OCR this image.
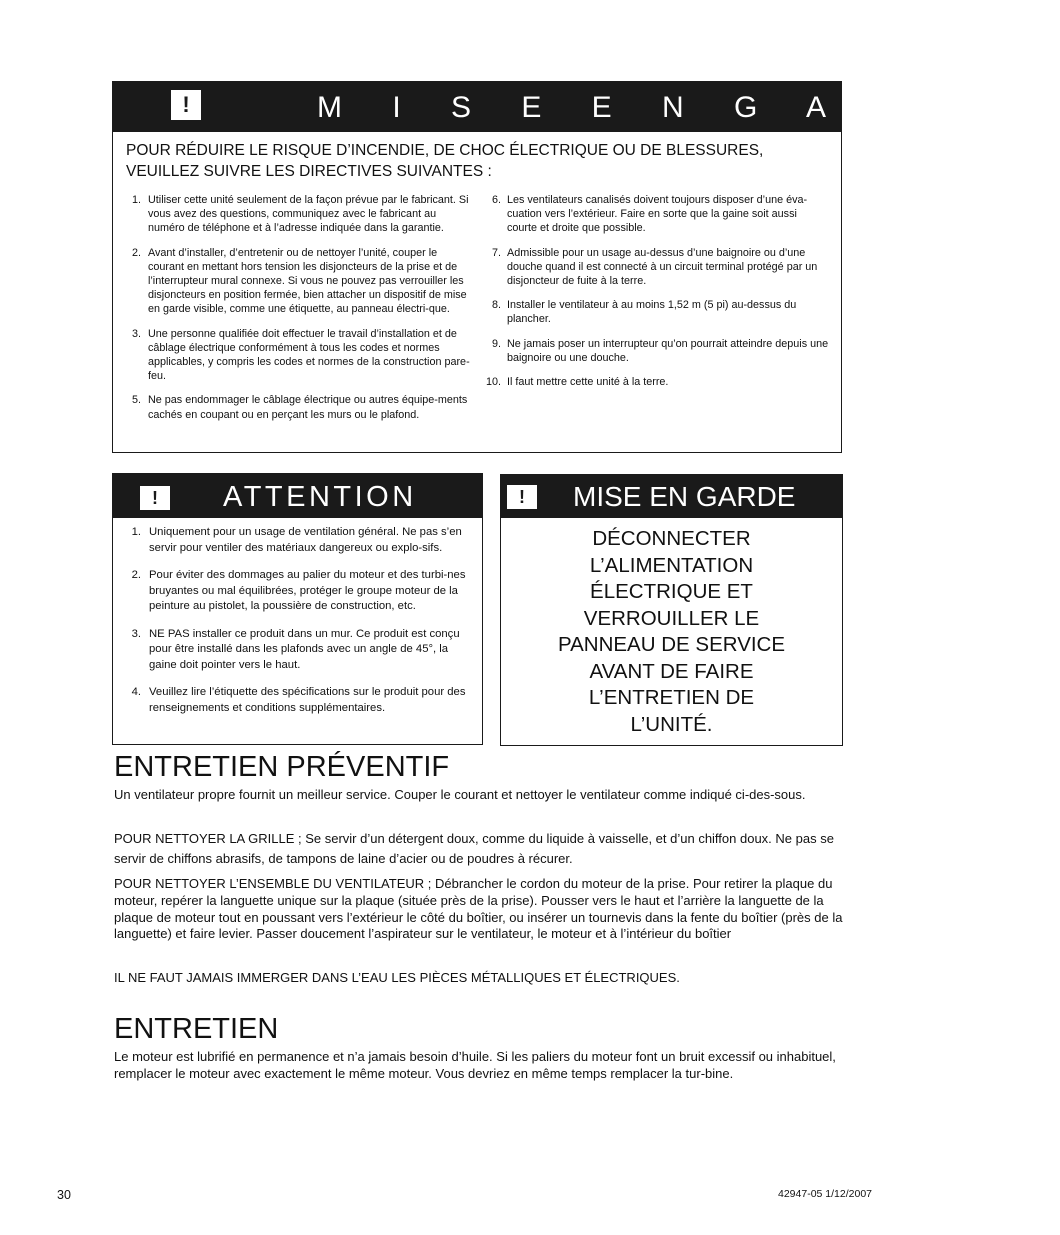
!	M I S E E N G A R D E
POUR RÉDUIRE LE RISQUE D’INCENDIE, DE CHOC ÉLECTRIQUE OU DE BLESSURES, VEUILLEZ SUIVRE LES DIRECTIVES SUIVANTES :
1. Utiliser cette unité seulement de la façon prévue par le fabricant. Si vous avez des questions, communiquez avec le fabricant au numéro de téléphone et à l’adresse indiquée dans la garantie.
2. Avant d’installer, d’entretenir ou de nettoyer l’unité, couper le courant en mettant hors tension les disjoncteurs de la prise et de l’interrupteur mural connexe. Si vous ne pouvez pas verrouiller les disjoncteurs en position fermée, bien attacher un dispositif de mise en garde visible, comme une étiquette, au panneau électri-que.
3. Une personne qualifiée doit effectuer le travail d’installation et de câblage électrique conformément à tous les codes et normes applicables, y compris les codes et normes de la construction pare-feu.
5. Ne pas endommager le câblage électrique ou autres équipe-ments cachés en coupant ou en perçant les murs ou le plafond.
6. Les ventilateurs canalisés doivent toujours disposer d’une éva-cuation vers l’extérieur. Faire en sorte que la gaine soit aussi courte et droite que possible.
7. Admissible pour un usage au-dessus d’une baignoire ou d’une douche quand il est connecté à un circuit terminal protégé par un disjoncteur de fuite à la terre.
8. Installer le ventilateur à au moins 1,52 m (5 pi) au-dessus du plancher.
9. Ne jamais poser un interrupteur qu’on pourrait atteindre depuis une baignoire ou une douche.
10. Il faut mettre cette unité à la terre.
!	ATTENTION
1. Uniquement pour un usage de ventilation général. Ne pas s’en servir pour ventiler des matériaux dangereux ou explo-sifs.
2. Pour éviter des dommages au palier du moteur et des turbi-nes bruyantes ou mal équilibrées, protéger le groupe moteur de la peinture au pistolet, la poussière de construction, etc.
3. NE PAS installer ce produit dans un mur. Ce produit est conçu pour être installé dans les plafonds avec un angle de 45°, la gaine doit pointer vers le haut.
4. Veuillez lire l’étiquette des spécifications sur le produit pour des renseignements et conditions supplémentaires.
!	MISE EN GARDE
DÉCONNECTER
L’ALIMENTATION
ÉLECTRIQUE ET
VERROUILLER LE
PANNEAU DE SERVICE
AVANT DE FAIRE
L’ENTRETIEN DE
L’UNITÉ.
ENTRETIEN PRÉVENTIF

Un ventilateur propre fournit un meilleur service. Couper le courant et nettoyer le ventilateur comme indiqué ci-des-sous.

POUR NETTOYER LA GRILLE ; Se servir d’un détergent doux, comme du liquide à vaisselle, et d’un chiffon doux. Ne pas se servir de chiffons abrasifs, de tampons de laine d’acier ou de poudres à récurer.

POUR NETTOYER L’ENSEMBLE DU VENTILATEUR ; Débrancher le cordon du moteur de la prise. Pour retirer la plaque du moteur, repérer la languette unique sur la plaque (située près de la prise). Pousser vers le haut et l’arrière la languette de la plaque de moteur tout en poussant vers l’extérieur le côté du boîtier, ou insérer un tournevis dans la fente du boîtier (près de la languette) et faire levier. Passer doucement l’aspirateur sur le ventilateur, le moteur et à l’intérieur du boîtier

IL NE FAUT JAMAIS IMMERGER DANS L’EAU LES PIÈCES MÉTALLIQUES ET ÉLECTRIQUES.

ENTRETIEN

Le moteur est lubrifié en permanence et n’a jamais besoin d’huile. Si les paliers du moteur font un bruit excessif ou inhabituel, remplacer le moteur avec exactement le même moteur. Vous devriez en même temps remplacer la tur-bine.

30	42947-05 1/12/2007
